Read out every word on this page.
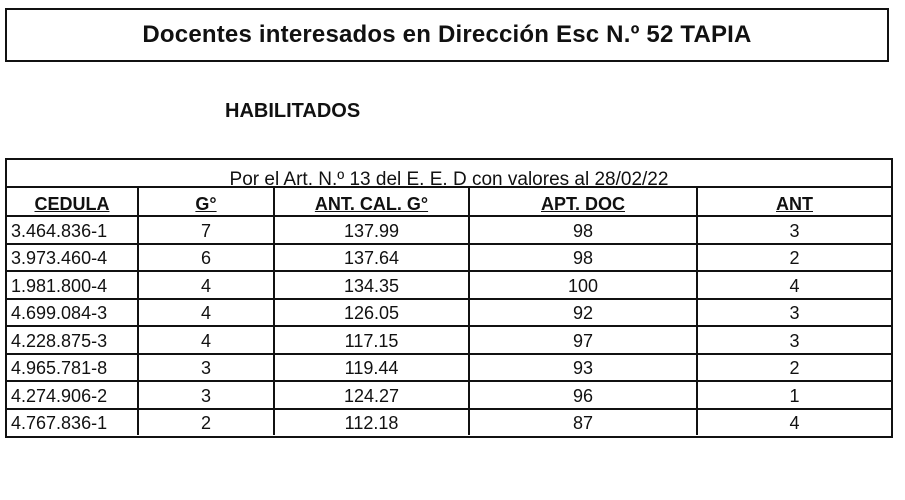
Docentes interesados en Dirección Esc N.º 52 TAPIA
HABILITADOS
Por el Art. N.º 13 del E. E. D con valores al 28/02/22
CEDULA	G°	ANT. CAL. G°	APT. DOC	ANT
3.464.836-1	7	137.99	98	3
3.973.460-4	6	137.64	98	2
1.981.800-4	4	134.35	100	4
4.699.084-3	4	126.05	92	3
4.228.875-3	4	117.15	97	3
4.965.781-8	3	119.44	93	2
4.274.906-2	3	124.27	96	1
4.767.836-1	2	112.18	87	4
